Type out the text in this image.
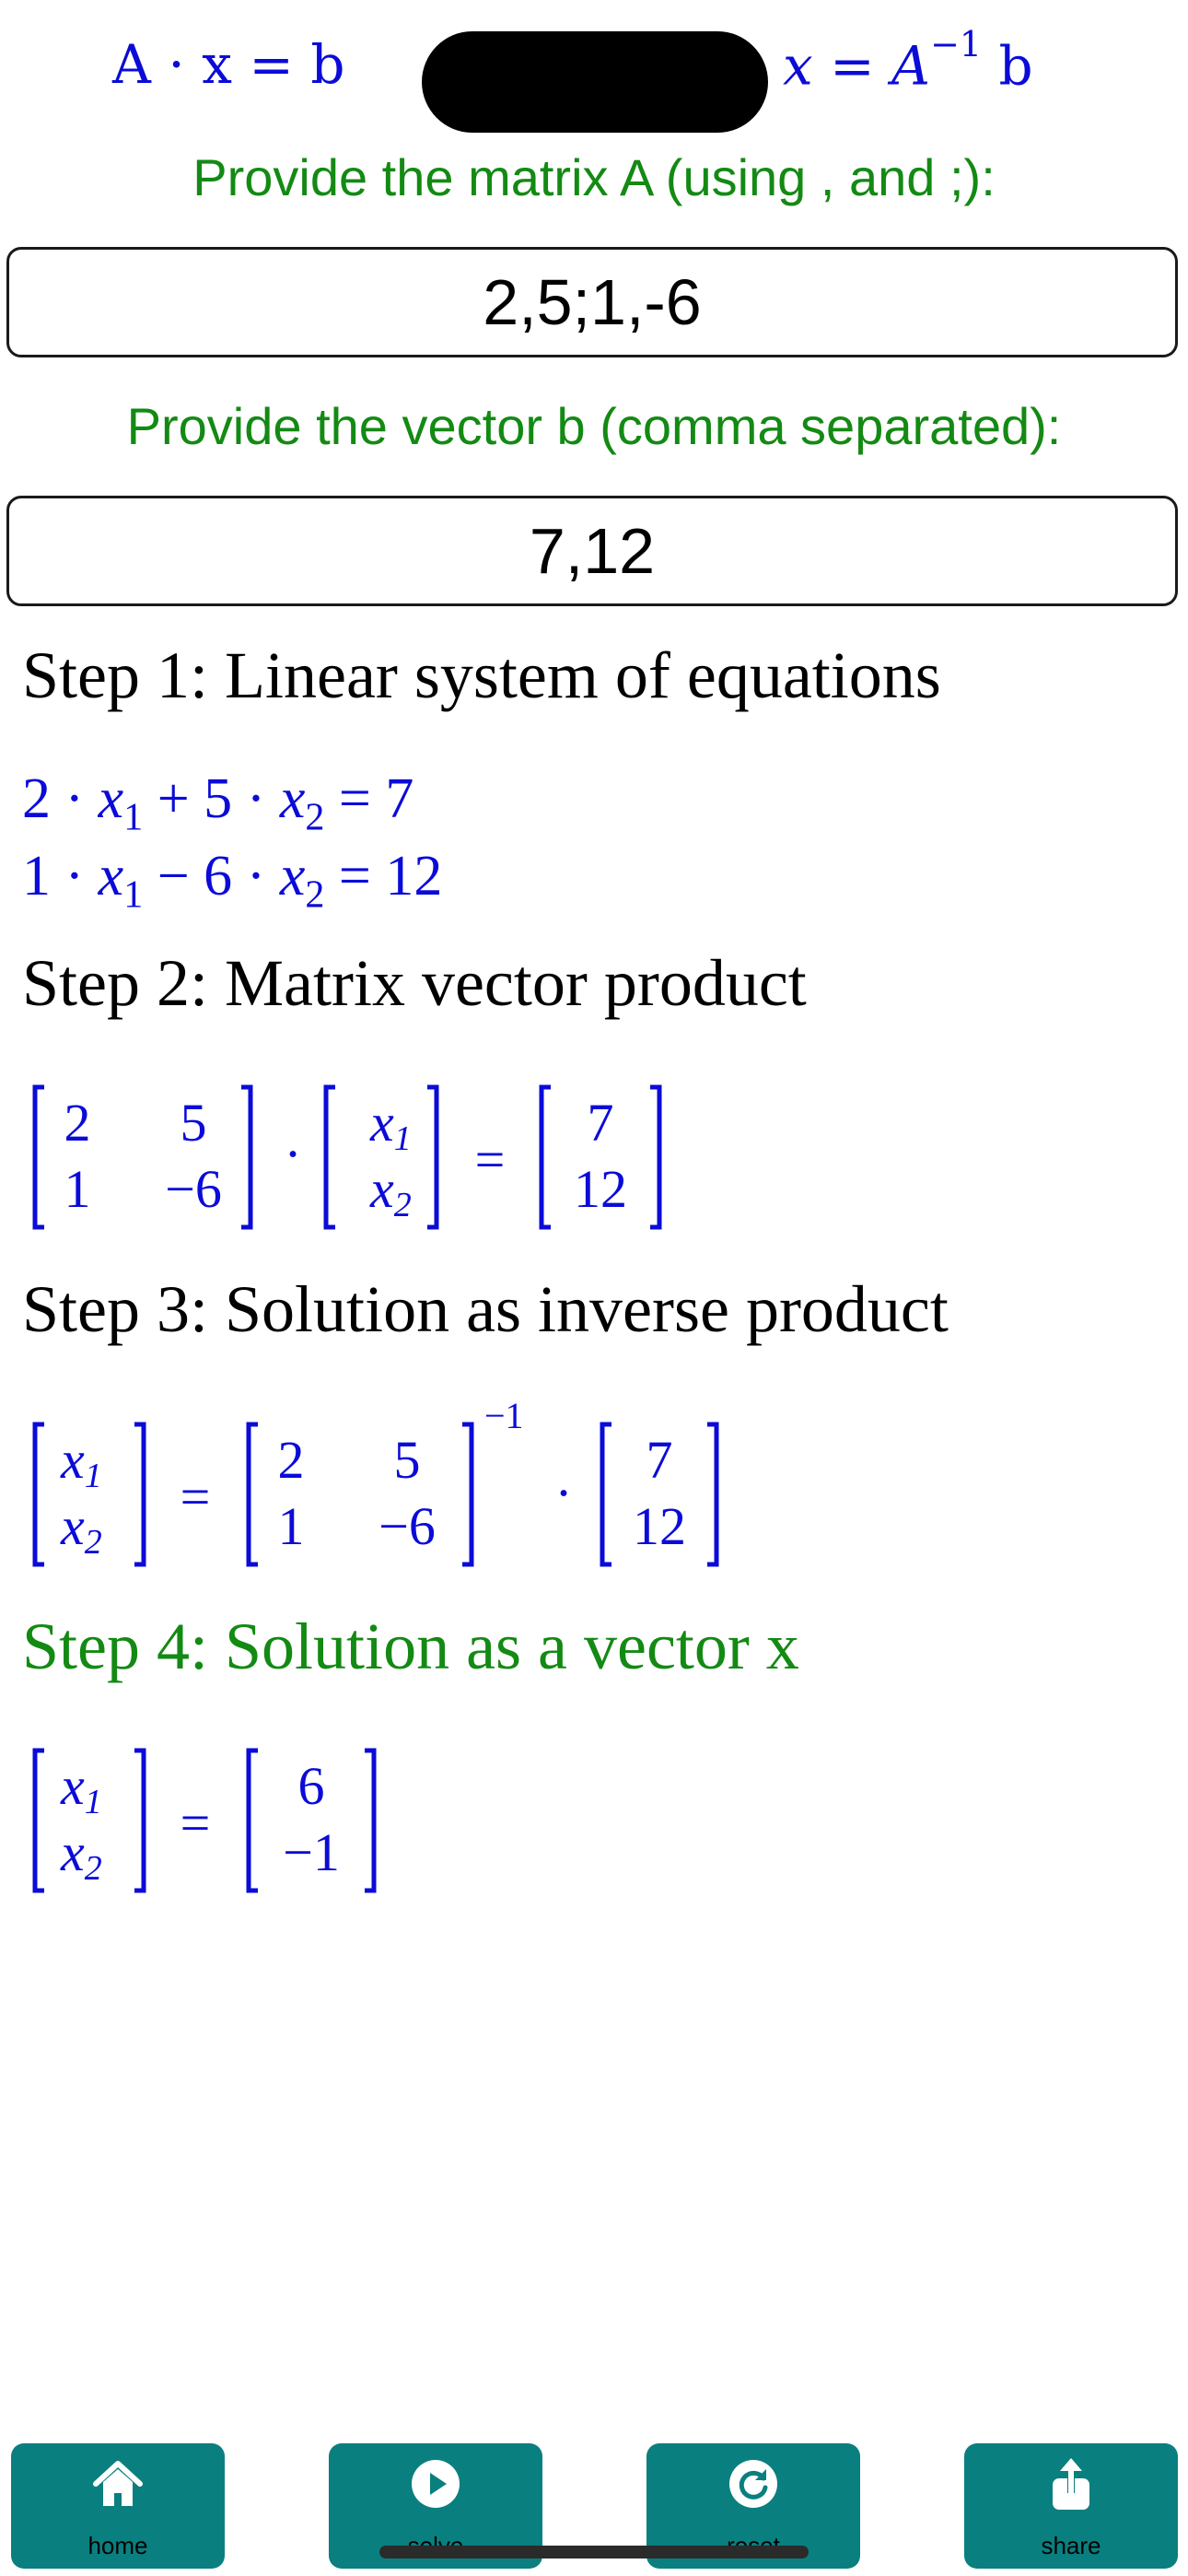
A · x = b	$x = A^{-1}$ b
Provide the matrix A (using , and ;):
2,5;1,-6
Provide the vector b (comma separated):
7,12
Step 1: Linear system of equations
$2 \cdot x_1 + 5 \cdot x_2 = 7$
$1 \cdot x_1 - 6 \cdot x_2 = 12$
Step 2: Matrix vector product
2 5
1 −6
·
x1
x2
=
7
12
Step 3: Solution as inverse product
x1
x2
=
2 5
1 −6
−1
·
7
12
Step 4: Solution as a vector x
x1
x2
=
6
−1
home	share
